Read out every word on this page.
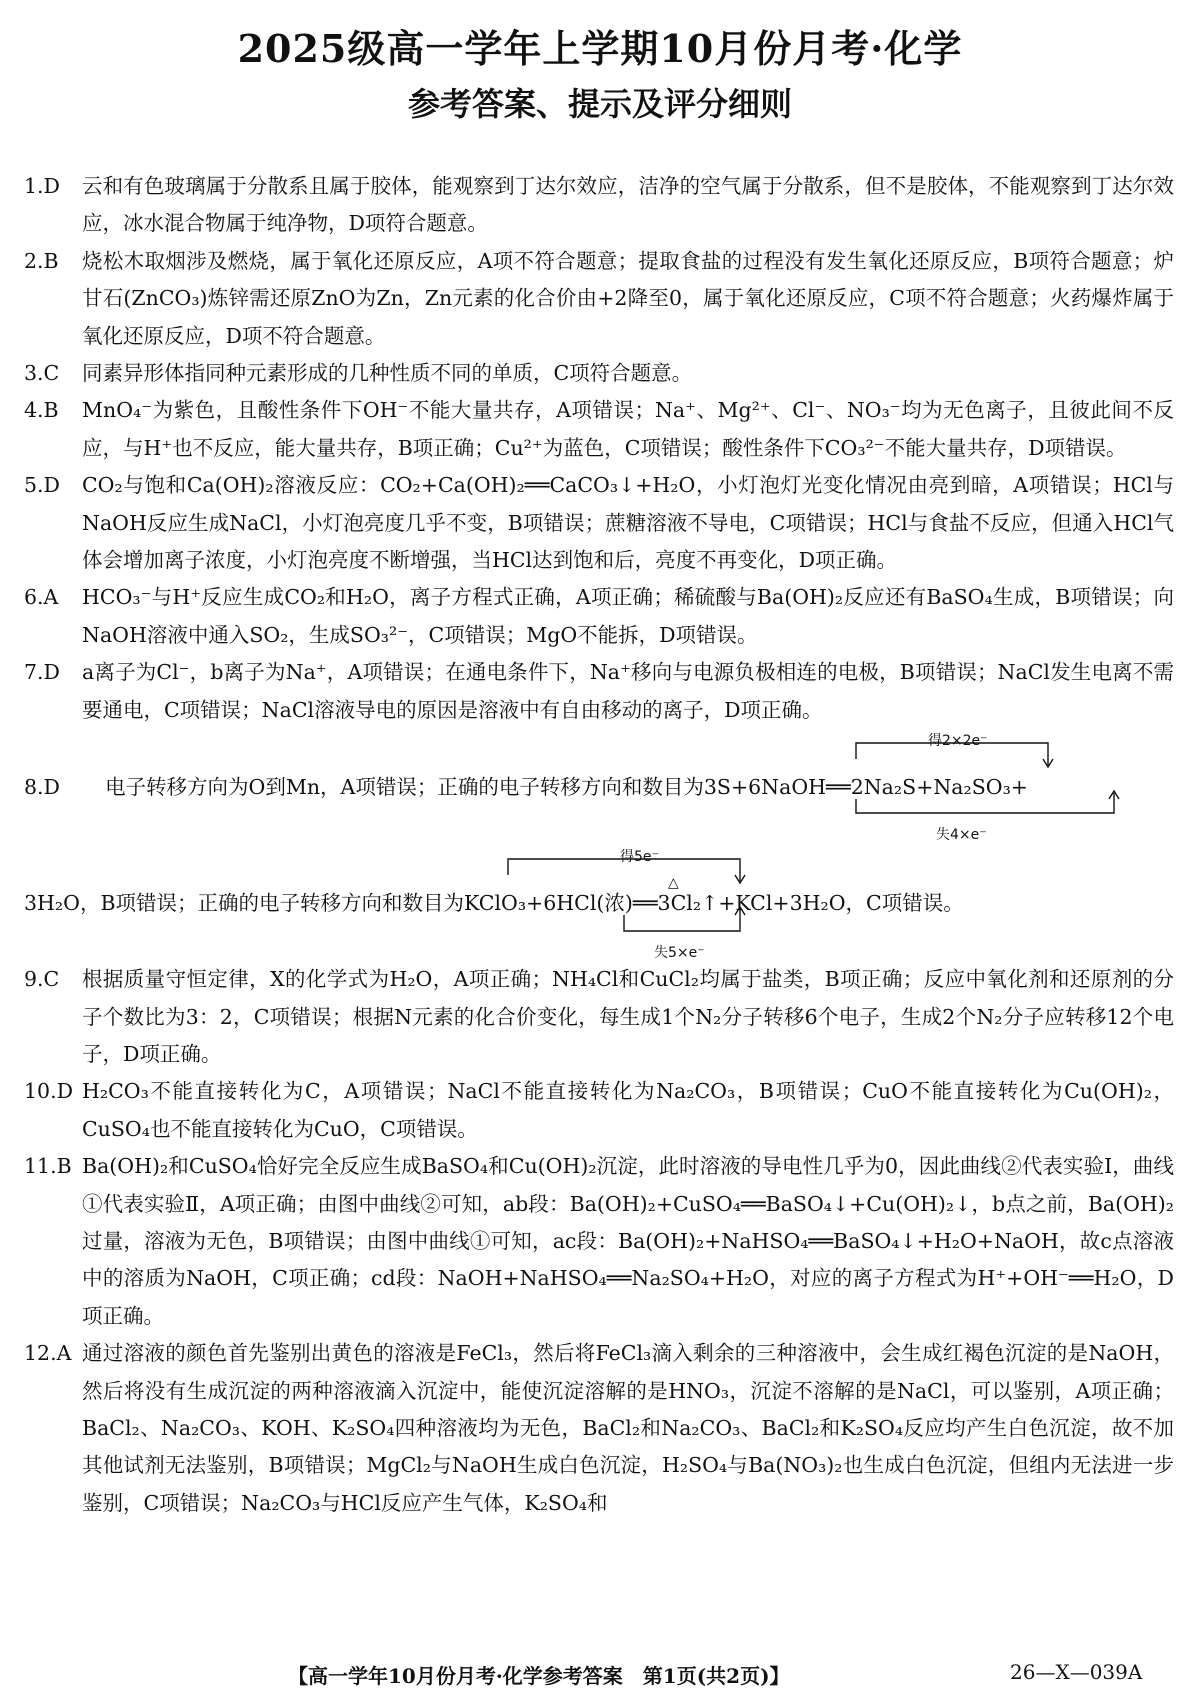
2025级高一学年上学期10月份月考·化学
参考答案、提示及评分细则
1.D 云和有色玻璃属于分散系且属于胶体，能观察到丁达尔效应，洁净的空气属于分散系，但不是胶体，不能观察到丁达尔效应，冰水混合物属于纯净物，D项符合题意。
2.B 烧松木取烟涉及燃烧，属于氧化还原反应，A项不符合题意；提取食盐的过程没有发生氧化还原反应，B项符合题意；炉甘石(ZnCO₃)炼锌需还原ZnO为Zn，Zn元素的化合价由+2降至0，属于氧化还原反应，C项不符合题意；火药爆炸属于氧化还原反应，D项不符合题意。
3.C 同素异形体指同种元素形成的几种性质不同的单质，C项符合题意。
4.B MnO₄⁻为紫色，且酸性条件下OH⁻不能大量共存，A项错误；Na⁺、Mg²⁺、Cl⁻、NO₃⁻均为无色离子，且彼此间不反应，与H⁺也不反应，能大量共存，B项正确；Cu²⁺为蓝色，C项错误；酸性条件下CO₃²⁻不能大量共存，D项错误。
5.D CO₂与饱和Ca(OH)₂溶液反应：CO₂+Ca(OH)₂══CaCO₃↓+H₂O，小灯泡灯光变化情况由亮到暗，A项错误；HCl与NaOH反应生成NaCl，小灯泡亮度几乎不变，B项错误；蔗糖溶液不导电，C项错误；HCl与食盐不反应，但通入HCl气体会增加离子浓度，小灯泡亮度不断增强，当HCl达到饱和后，亮度不再变化，D项正确。
6.A HCO₃⁻与H⁺反应生成CO₂和H₂O，离子方程式正确，A项正确；稀硫酸与Ba(OH)₂反应还有BaSO₄生成，B项错误；向NaOH溶液中通入SO₂，生成SO₃²⁻，C项错误；MgO不能拆，D项错误。
7.D a离子为Cl⁻，b离子为Na⁺，A项错误；在通电条件下，Na⁺移向与电源负极相连的电极，B项错误；NaCl发生电离不需要通电，C项错误；NaCl溶液导电的原因是溶液中有自由移动的离子，D项正确。
得2×2e⁻
失4×e⁻
8.D 电子转移方向为O到Mn，A项错误；正确的电子转移方向和数目为3S+6NaOH══2Na₂S+Na₂SO₃+
得5e⁻
△
失5×e⁻
3H₂O，B项错误；正确的电子转移方向和数目为KClO₃+6HCl(浓)══3Cl₂↑+KCl+3H₂O，C项错误。
9.C 根据质量守恒定律，X的化学式为H₂O，A项正确；NH₄Cl和CuCl₂均属于盐类，B项正确；反应中氧化剂和还原剂的分子个数比为3：2，C项错误；根据N元素的化合价变化，每生成1个N₂分子转移6个电子，生成2个N₂分子应转移12个电子，D项正确。
10.D H₂CO₃不能直接转化为C，A项错误；NaCl不能直接转化为Na₂CO₃，B项错误；CuO不能直接转化为Cu(OH)₂，CuSO₄也不能直接转化为CuO，C项错误。
11.B Ba(OH)₂和CuSO₄恰好完全反应生成BaSO₄和Cu(OH)₂沉淀，此时溶液的导电性几乎为0，因此曲线②代表实验Ⅰ，曲线①代表实验Ⅱ，A项正确；由图中曲线②可知，ab段：Ba(OH)₂+CuSO₄══BaSO₄↓+Cu(OH)₂↓，b点之前，Ba(OH)₂过量，溶液为无色，B项错误；由图中曲线①可知，ac段：Ba(OH)₂+NaHSO₄══BaSO₄↓+H₂O+NaOH，故c点溶液中的溶质为NaOH，C项正确；cd段：NaOH+NaHSO₄══Na₂SO₄+H₂O，对应的离子方程式为H⁺+OH⁻══H₂O，D项正确。
12.A 通过溶液的颜色首先鉴别出黄色的溶液是FeCl₃，然后将FeCl₃滴入剩余的三种溶液中，会生成红褐色沉淀的是NaOH，然后将没有生成沉淀的两种溶液滴入沉淀中，能使沉淀溶解的是HNO₃，沉淀不溶解的是NaCl，可以鉴别，A项正确；BaCl₂、Na₂CO₃、KOH、K₂SO₄四种溶液均为无色，BaCl₂和Na₂CO₃、BaCl₂和K₂SO₄反应均产生白色沉淀，故不加其他试剂无法鉴别，B项错误；MgCl₂与NaOH生成白色沉淀，H₂SO₄与Ba(NO₃)₂也生成白色沉淀，但组内无法进一步鉴别，C项错误；Na₂CO₃与HCl反应产生气体，K₂SO₄和
【高一学年10月份月考·化学参考答案　第1页(共2页)】	26—X—039A
